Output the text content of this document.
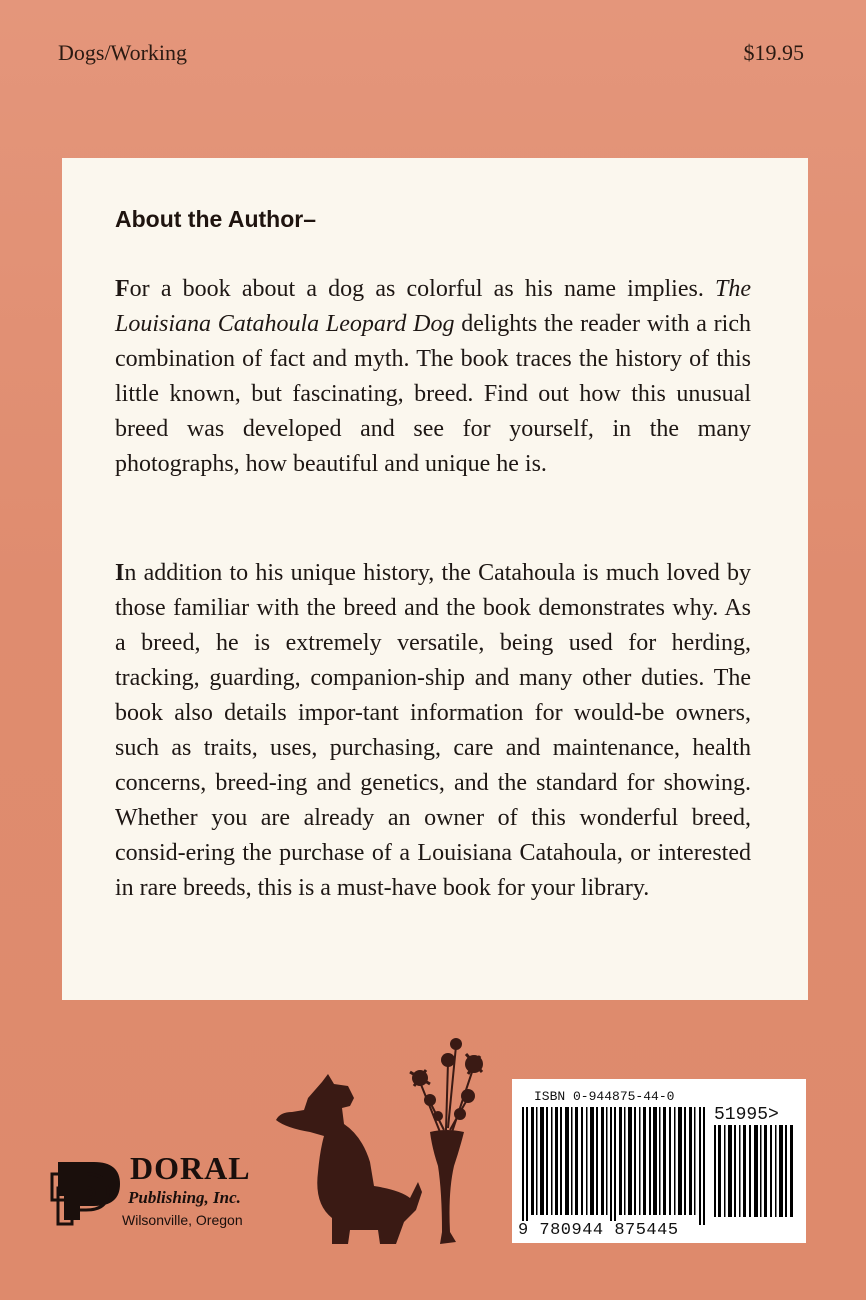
Dogs/Working	$19.95
About the Author–

For a book about a dog as colorful as his name implies. The Louisiana Catahoula Leopard Dog delights the reader with a rich combination of fact and myth. The book traces the history of this little known, but fascinating, breed. Find out how this unusual breed was developed and see for yourself, in the many photographs, how beautiful and unique he is.

In addition to his unique history, the Catahoula is much loved by those familiar with the breed and the book demonstrates why. As a breed, he is extremely versatile, being used for herding, tracking, guarding, companion-ship and many other duties. The book also details impor-tant information for would-be owners, such as traits, uses, purchasing, care and maintenance, health concerns, breed-ing and genetics, and the standard for showing. Whether you are already an owner of this wonderful breed, consid-ering the purchase of a Louisiana Catahoula, or interested in rare breeds, this is a must-have book for your library.

DORAL
Publishing, Inc.
Wilsonville, Oregon
ISBN 0-944875-44-0
51995>
9 780944 875445
